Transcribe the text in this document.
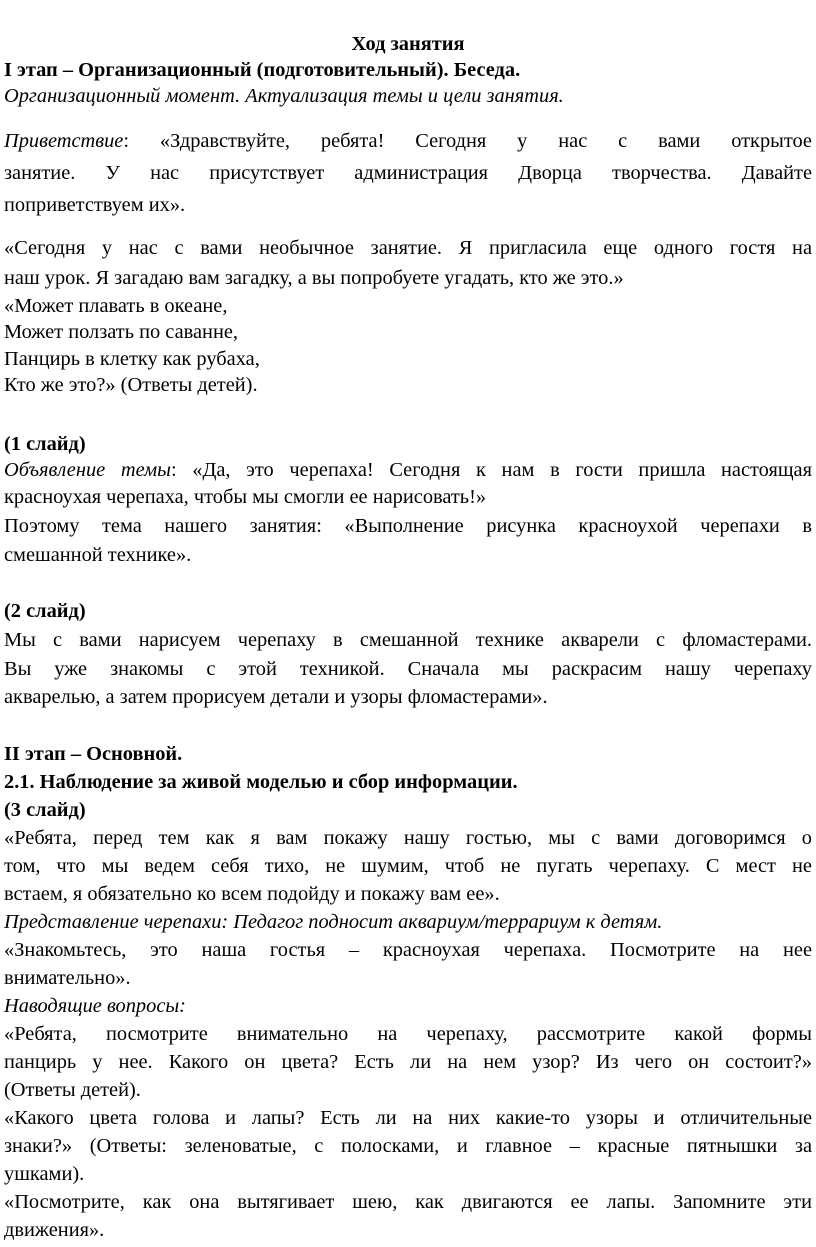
Ход занятия
I этап – Организационный (подготовительный). Беседа.
Организационный момент. Актуализация темы и цели занятия.
Приветствие: «Здравствуйте, ребята! Сегодня у нас с вами открытое
занятие. У нас присутствует администрация Дворца творчества. Давайте
поприветствуем их».
«Сегодня у нас с вами необычное занятие. Я пригласила еще одного гостя на
наш урок. Я загадаю вам загадку, а вы попробуете угадать, кто же это.»
«Может плавать в океане,
Может ползать по саванне,
Панцирь в клетку как рубаха,
Кто же это?» (Ответы детей).
(1 слайд)
Объявление темы: «Да, это черепаха! Сегодня к нам в гости пришла настоящая
красноухая черепаха, чтобы мы смогли ее нарисовать!»
Поэтому тема нашего занятия: «Выполнение рисунка красноухой черепахи в
смешанной технике».
(2 слайд)
Мы с вами нарисуем черепаху в смешанной технике акварели с фломастерами.
Вы уже знакомы с этой техникой. Сначала мы раскрасим нашу черепаху
акварелью, а затем прорисуем детали и узоры фломастерами».
II этап – Основной.
2.1. Наблюдение за живой моделью и сбор информации.
(3 слайд)
«Ребята, перед тем как я вам покажу нашу гостью, мы с вами договоримся о
том, что мы ведем себя тихо, не шумим, чтоб не пугать черепаху. С мест не
встаем, я обязательно ко всем подойду и покажу вам ее».
Представление черепахи: Педагог подносит аквариум/террариум к детям.
«Знакомьтесь, это наша гостья – красноухая черепаха. Посмотрите на нее
внимательно».
Наводящие вопросы:
«Ребята, посмотрите внимательно на черепаху, рассмотрите какой формы
панцирь у нее. Какого он цвета? Есть ли на нем узор? Из чего он состоит?»
(Ответы детей).
«Какого цвета голова и лапы? Есть ли на них какие-то узоры и отличительные
знаки?» (Ответы: зеленоватые, с полосками, и главное – красные пятнышки за
ушками).
«Посмотрите, как она вытягивает шею, как двигаются ее лапы. Запомните эти
движения».
